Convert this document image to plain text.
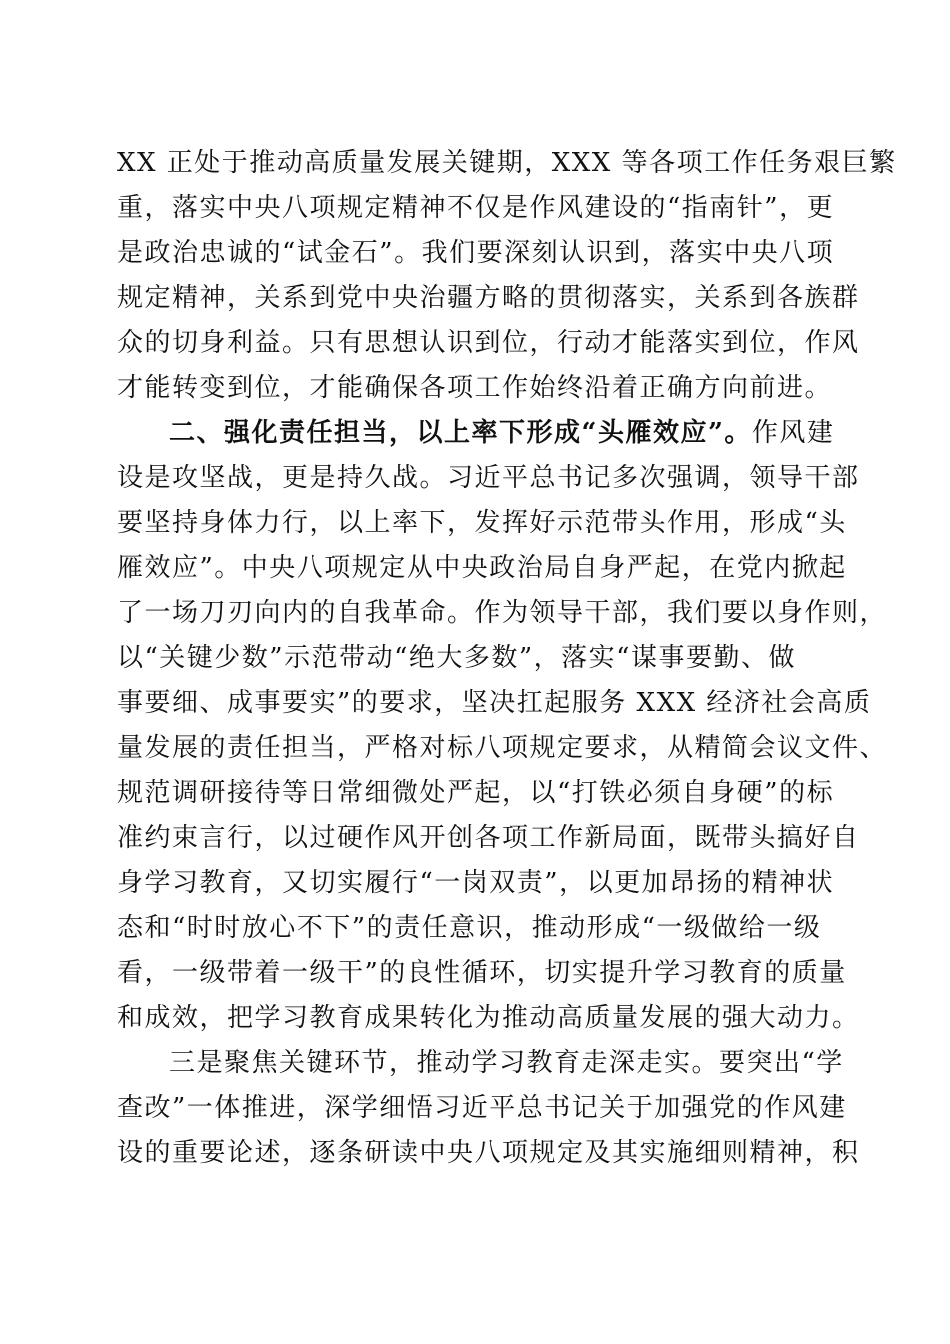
XX 正处于推动高质量发展关键期，XXX 等各项工作任务艰巨繁
重，落实中央八项规定精神不仅是作风建设的“指南针”，更
是政治忠诚的“试金石”。我们要深刻认识到，落实中央八项
规定精神，关系到党中央治疆方略的贯彻落实，关系到各族群
众的切身利益。只有思想认识到位，行动才能落实到位，作风
才能转变到位，才能确保各项工作始终沿着正确方向前进。
二、强化责任担当，以上率下形成“头雁效应”。作风建
设是攻坚战，更是持久战。习近平总书记多次强调，领导干部
要坚持身体力行，以上率下，发挥好示范带头作用，形成“头
雁效应”。中央八项规定从中央政治局自身严起，在党内掀起
了一场刀刃向内的自我革命。作为领导干部，我们要以身作则，
以“关键少数”示范带动“绝大多数”，落实“谋事要勤、做
事要细、成事要实”的要求，坚决扛起服务 XXX 经济社会高质
量发展的责任担当，严格对标八项规定要求，从精简会议文件、
规范调研接待等日常细微处严起，以“打铁必须自身硬”的标
准约束言行，以过硬作风开创各项工作新局面，既带头搞好自
身学习教育，又切实履行“一岗双责”，以更加昂扬的精神状
态和“时时放心不下”的责任意识，推动形成“一级做给一级
看，一级带着一级干”的良性循环，切实提升学习教育的质量
和成效，把学习教育成果转化为推动高质量发展的强大动力。
三是聚焦关键环节，推动学习教育走深走实。要突出“学
查改”一体推进，深学细悟习近平总书记关于加强党的作风建
设的重要论述，逐条研读中央八项规定及其实施细则精神，积
